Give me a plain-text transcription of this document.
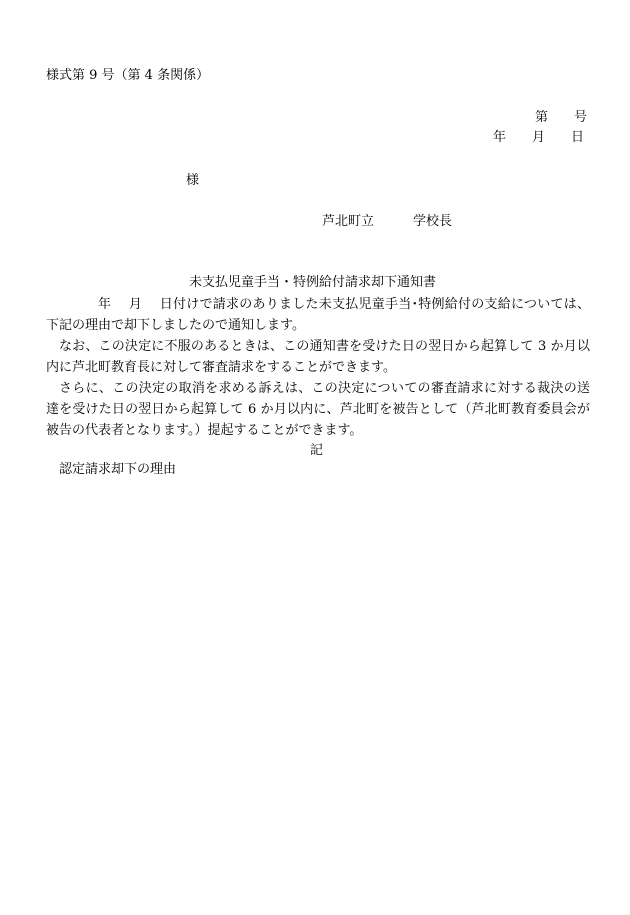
様式第 9 号（第 4 条関係）
第　　号
年　　月　　日
様
芦北町立　　　学校長
未支払児童手当・特例給付請求却下通知書
年　 月　 日付けで請求のありました未支払児童手当･特例給付の支給については、下記の理由で却下しましたので通知します。
なお、この決定に不服のあるときは、この通知書を受けた日の翌日から起算して 3 か月以内に芦北町教育長に対して審査請求をすることができます。
さらに、この決定の取消を求める訴えは、この決定についての審査請求に対する裁決の送達を受けた日の翌日から起算して 6 か月以内に、芦北町を被告として（芦北町教育委員会が被告の代表者となります。）提起することができます。
記
認定請求却下の理由
